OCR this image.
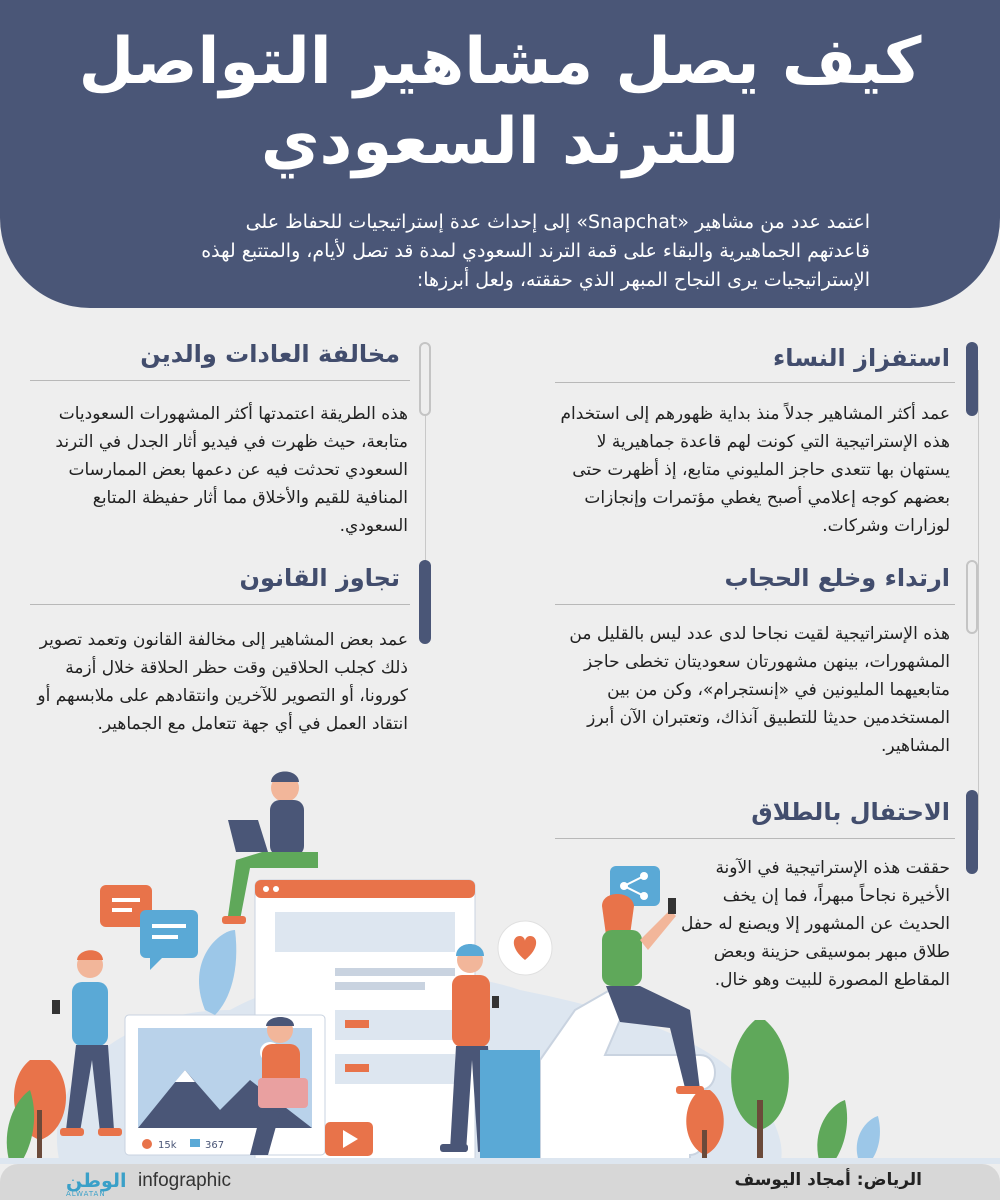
كيف يصل مشاهير التواصل
للترند السعودي
اعتمد عدد من مشاهير «Snapchat» إلى إحداث عدة إستراتيجيات للحفاظ على قاعدتهم الجماهيرية والبقاء على قمة الترند السعودي لمدة قد تصل لأيام، والمتتبع لهذه الإستراتيجيات يرى النجاح المبهر الذي حققته، ولعل أبرزها:
استفزاز النساء
عمد أكثر المشاهير جدلاً منذ بداية ظهورهم إلى استخدام هذه الإستراتيجية التي كونت لهم قاعدة جماهيرية لا يستهان بها تتعدى حاجز المليوني متابع، إذ أظهرت حتى بعضهم كوجه إعلامي أصبح يغطي مؤتمرات وإنجازات لوزارات وشركات.
مخالفة العادات والدين
هذه الطريقة اعتمدتها أكثر المشهورات السعوديات متابعة، حيث ظهرت في فيديو أثار الجدل في الترند السعودي تحدثت فيه عن دعمها بعض الممارسات المنافية للقيم والأخلاق مما أثار حفيظة المتابع السعودي.
ارتداء وخلع الحجاب
هذه الإستراتيجية لقيت نجاحا لدى عدد ليس بالقليل من المشهورات، بينهن مشهورتان سعوديتان تخطى حاجز متابعيهما المليونين في «إنستجرام»، وكن من بين المستخدمين حديثا للتطبيق آنذاك، وتعتبران الآن أبرز المشاهير.
تجاوز القانون
عمد بعض المشاهير إلى مخالفة القانون وتعمد تصوير ذلك كجلب الحلاقين وقت حظر الحلاقة خلال أزمة كورونا، أو التصوير للآخرين وانتقادهم على ملابسهم أو انتقاد العمل في أي جهة تتعامل مع الجماهير.
الاحتفال بالطلاق
حققت هذه الإستراتيجية في الآونة الأخيرة نجاحاً مبهراً، فما إن يخف الحديث عن المشهور إلا ويصنع له حفل طلاق مبهر بموسيقى حزينة وبعض المقاطع المصورة للبيت وهو خال.
15k	367
الرياض: أمجاد اليوسف
الوطن
ALWATAN
infographic
